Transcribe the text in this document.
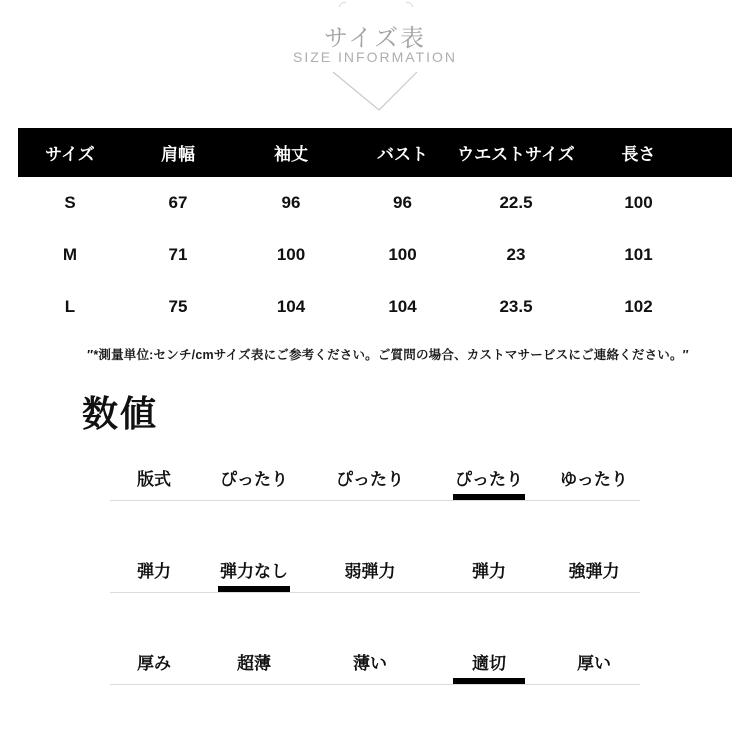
サイズ表
SIZE INFORMATION
サイズ	肩幅	袖丈	バスト	ウエストサイズ	長さ
S	67	96	96	22.5	100
M	71	100	100	23	101
L	75	104	104	23.5	102
″*測量単位:センチ/cmサイズ表にご参考ください。ご質問の場合、カストマサービスにご連絡ください。″
数値
版式	ぴったり	ぴったり	ぴったり	ゆったり
弾力	弾力なし	弱弾力	弾力	強弾力
厚み	超薄	薄い	適切	厚い
